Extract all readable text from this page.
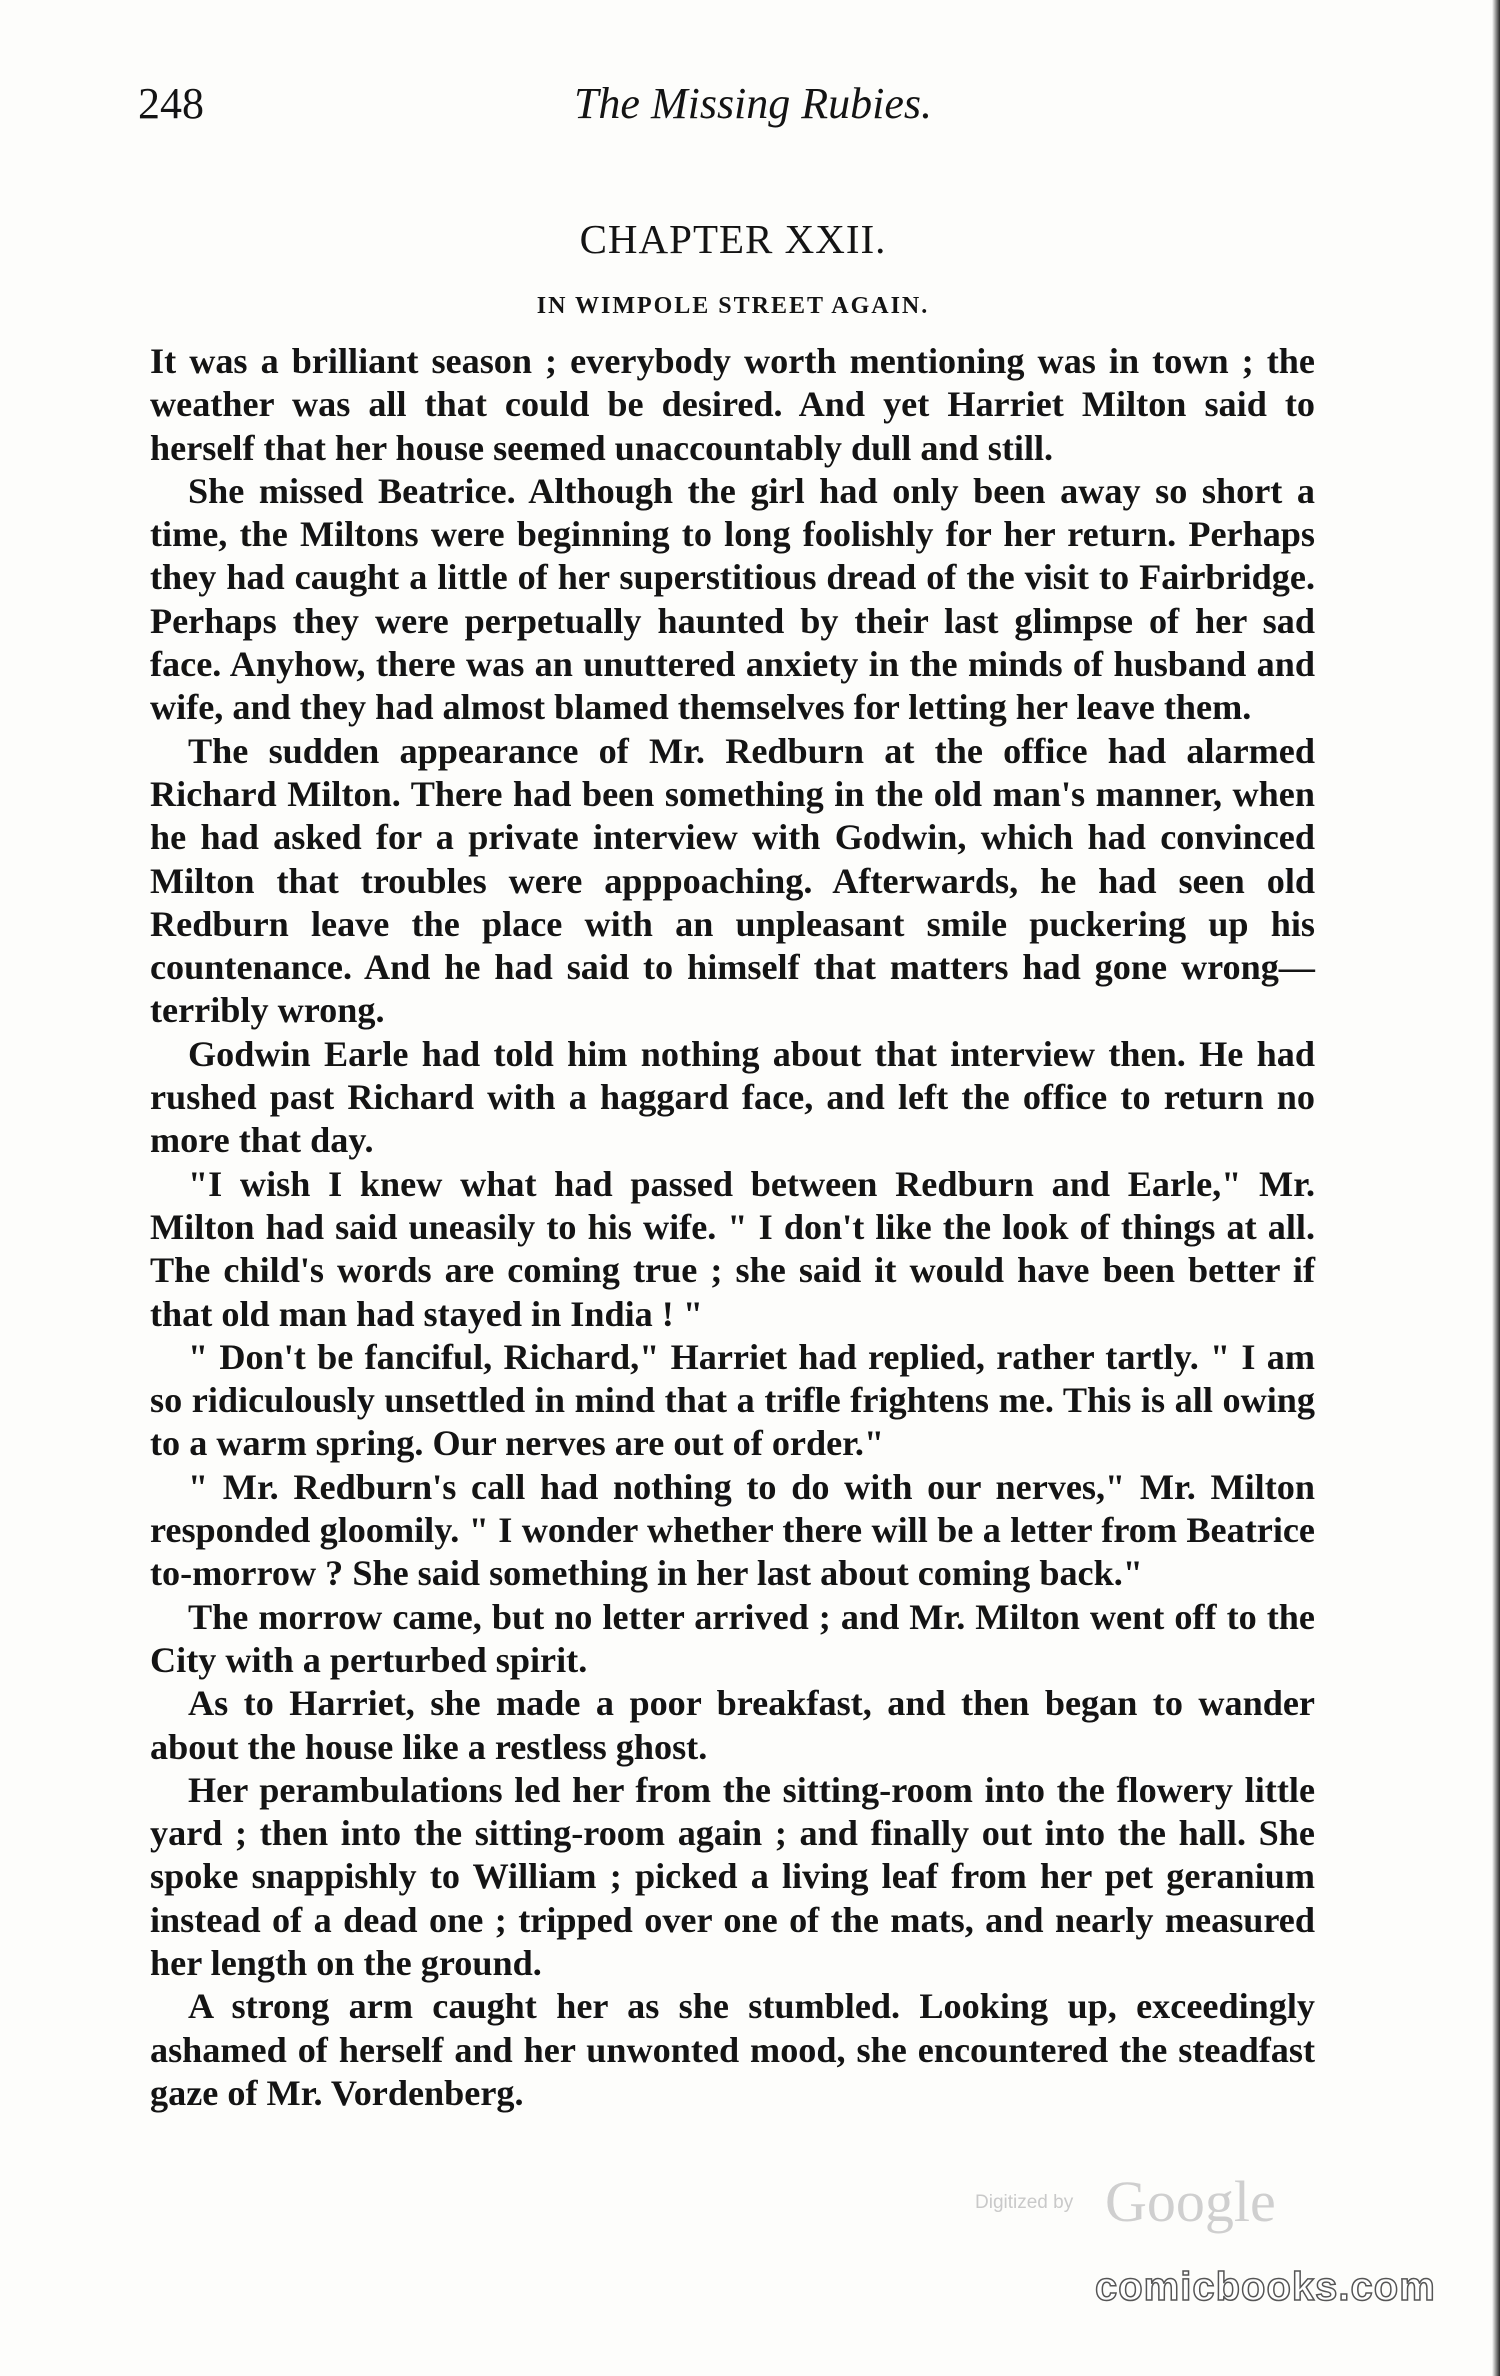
248	The Missing Rubies.
CHAPTER XXII.
IN WIMPOLE STREET AGAIN.

It was a brilliant season ; everybody worth mentioning was in town ; the weather was all that could be desired. And yet Harriet Milton said to herself that her house seemed unaccountably dull and still.

She missed Beatrice. Although the girl had only been away so short a time, the Miltons were beginning to long foolishly for her return. Perhaps they had caught a little of her superstitious dread of the visit to Fairbridge. Perhaps they were perpetually haunted by their last glimpse of her sad face. Anyhow, there was an unuttered anxiety in the minds of husband and wife, and they had almost blamed themselves for letting her leave them.

The sudden appearance of Mr. Redburn at the office had alarmed Richard Milton. There had been something in the old man's manner, when he had asked for a private interview with Godwin, which had convinced Milton that troubles were apppoaching. Afterwards, he had seen old Redburn leave the place with an unpleasant smile puckering up his countenance. And he had said to himself that matters had gone wrong—terribly wrong.

Godwin Earle had told him nothing about that interview then. He had rushed past Richard with a haggard face, and left the office to return no more that day.

"I wish I knew what had passed between Redburn and Earle," Mr. Milton had said uneasily to his wife. " I don't like the look of things at all. The child's words are coming true ; she said it would have been better if that old man had stayed in India ! "

" Don't be fanciful, Richard," Harriet had replied, rather tartly. " I am so ridiculously unsettled in mind that a trifle frightens me. This is all owing to a warm spring. Our nerves are out of order."

" Mr. Redburn's call had nothing to do with our nerves," Mr. Milton responded gloomily. " I wonder whether there will be a letter from Beatrice to-morrow ? She said something in her last about coming back."

The morrow came, but no letter arrived ; and Mr. Milton went off to the City with a perturbed spirit.

As to Harriet, she made a poor breakfast, and then began to wander about the house like a restless ghost.

Her perambulations led her from the sitting-room into the flowery little yard ; then into the sitting-room again ; and finally out into the hall. She spoke snappishly to William ; picked a living leaf from her pet geranium instead of a dead one ; tripped over one of the mats, and nearly measured her length on the ground.

A strong arm caught her as she stumbled. Looking up, exceedingly ashamed of herself and her unwonted mood, she encountered the steadfast gaze of Mr. Vordenberg.

Digitized by Google
comicbooks.com
